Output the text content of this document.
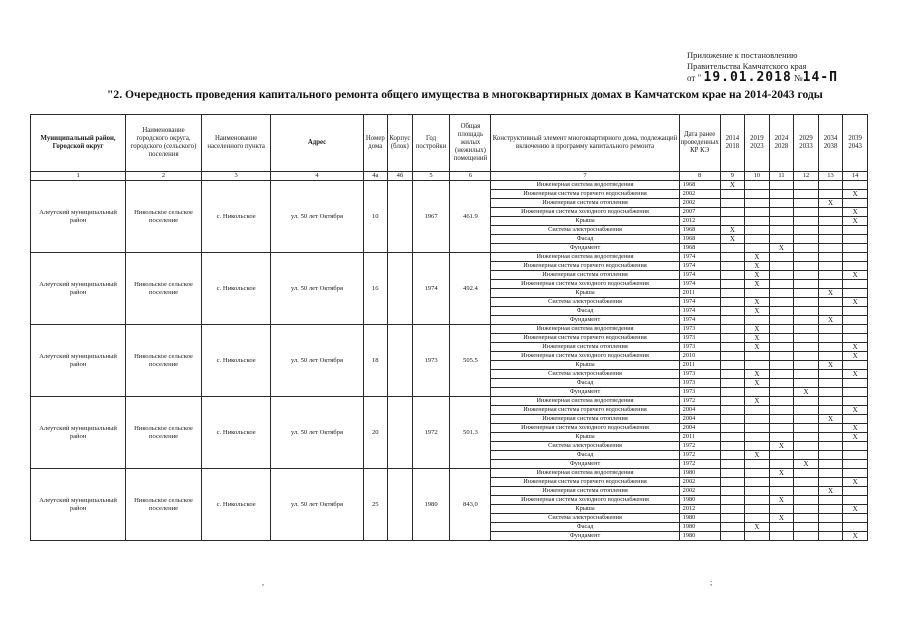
Приложение к постановлению
Правительства Камчатского края
от " 19.01.2018 №14-П
"2. Очередность проведения капитального ремонта общего имущества в многоквартирных домах в Камчатском крае на 2014-2043 годы
Муниципальный район, Городской округ	Наименование городского округа, городского (сельского) поселения	Наименование населенного пункта	Адрес	Номер дома	Корпус (блок)	Год постройки	Общая площадь жилых (нежилых) помещений	Конструктивный элемент многоквартирного дома, подлежащий включению в программу капитального ремонта	Дата ранее проведенных КР КЭ	2014 2018	2019 2023	2024 2028	2029 2033	2034 2038	2039 2043
1	2	3	4	4а	4б	5	6	7	8	9	10	11	12	13	14
Алеутский муниципальный район	Никольское сельское поселение	с. Никольское	ул. 50 лет Октября	10		1967	461.9	Инженерная система водоотведения	1968	X					
								Инженерная система горячего водоснабжения	2002						X
								Инженерная система отопления	2002					X	
								Инженерная система холодного водоснабжения	2007						X
								Крыша	2012						X
								Система электроснабжения	1968	X					
								Фасад	1968	X					
								Фундамент	1968			X			
Алеутский муниципальный район	Никольское сельское поселение	с. Никольское	ул. 50 лет Октября	16		1974	492.4	Инженерная система водоотведения	1974		X				
								Инженерная система горячего водоснабжения	1974		X				
								Инженерная система отопления	1974		X				X
								Инженерная система холодного водоснабжения	1974		X				
								Крыша	2011					X	
								Система электроснабжения	1974		X				X
								Фасад	1974		X				
								Фундамент	1974					X	
Алеутский муниципальный район	Никольское сельское поселение	с. Никольское	ул. 50 лет Октября	18		1973	505.5	Инженерная система водоотведения	1973		X				
								Инженерная система горячего водоснабжения	1973		X				
								Инженерная система отопления	1973		X				X
								Инженерная система холодного водоснабжения	2010						X
								Крыша	2011					X	
								Система электроснабжения	1973		X				X
								Фасад	1973		X				
								Фундамент	1973				X		
Алеутский муниципальный район	Никольское сельское поселение	с. Никольское	ул. 50 лет Октября	20		1972	501.3	Инженерная система водоотведения	1972		X				
								Инженерная система горячего водоснабжения	2004						X
								Инженерная система отопления	2004					X	
								Инженерная система холодного водоснабжения	2004						X
								Крыша	2011						X
								Система электроснабжения	1972			X			
								Фасад	1972		X				
								Фундамент	1972				X		
Алеутский муниципальный район	Никольское сельское поселение	с. Никольское	ул. 50 лет Октября	25		1980	843,0	Инженерная система водоотведения	1980			X			
								Инженерная система горячего водоснабжения	2002						X
								Инженерная система отопления	2002					X	
								Инженерная система холодного водоснабжения	1980			X			
								Крыша	2012						X
								Система электроснабжения	1980			X			
								Фасад	1980		X				
								Фундамент	1980						X
,	;
